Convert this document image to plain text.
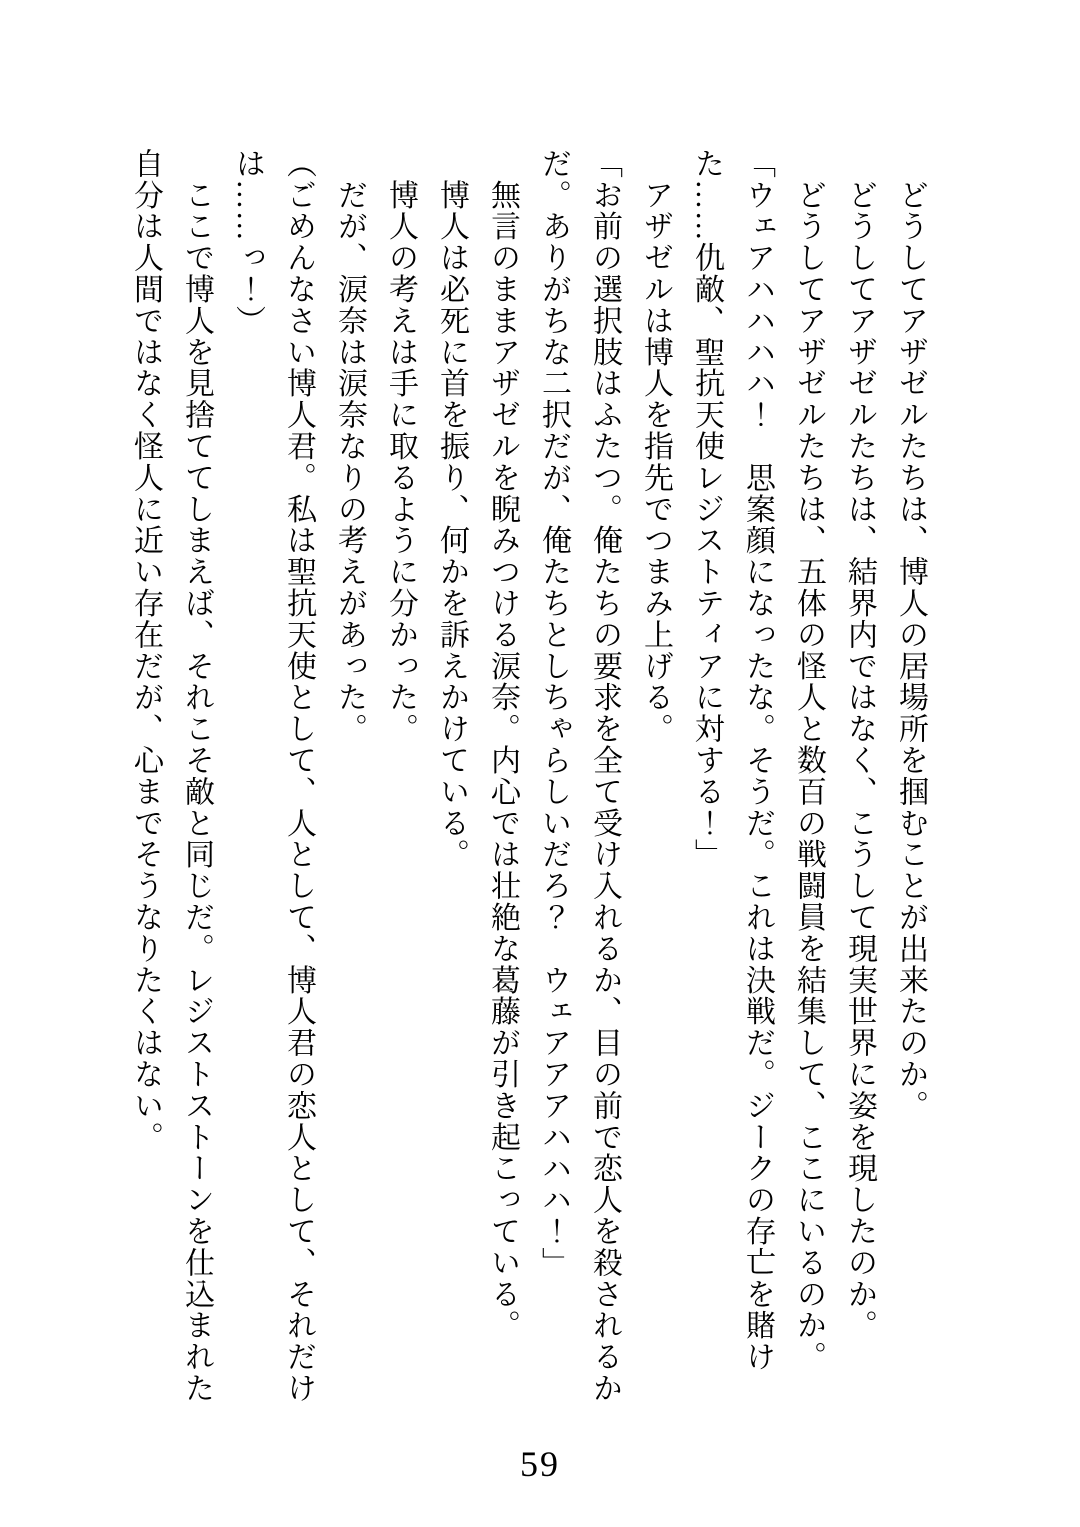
　どうしてアザゼルたちは、博人の居場所を掴むことが出来たのか。

　どうしてアザゼルたちは、結界内ではなく、こうして現実世界に姿を現したのか。

　どうしてアザゼルたちは、五体の怪人と数百の戦闘員を結集して、ここにいるのか。

「ウェアハハハハ！　思案顔になったな。そうだ。これは決戦だ。ジークの存亡を賭けた……仇敵、聖抗天使レジストティアに対する！」

　アザゼルは博人を指先でつまみ上げる。

「お前の選択肢はふたつ。俺たちの要求を全て受け入れるか、目の前で恋人を殺されるかだ。ありがちな二択だが、俺たちとしちゃらしいだろ？　ウェアアアハハハ！」

　無言のままアザゼルを睨みつける涙奈。内心では壮絶な葛藤が引き起こっている。

　博人は必死に首を振り、何かを訴えかけている。

　博人の考えは手に取るように分かった。

　だが、涙奈は涙奈なりの考えがあった。

（ごめんなさい博人君。私は聖抗天使として、人として、博人君の恋人として、それだけは……っ！）

　ここで博人を見捨ててしまえば、それこそ敵と同じだ。レジストストーンを仕込まれた自分は人間ではなく怪人に近い存在だが、心までそうなりたくはない。

59
